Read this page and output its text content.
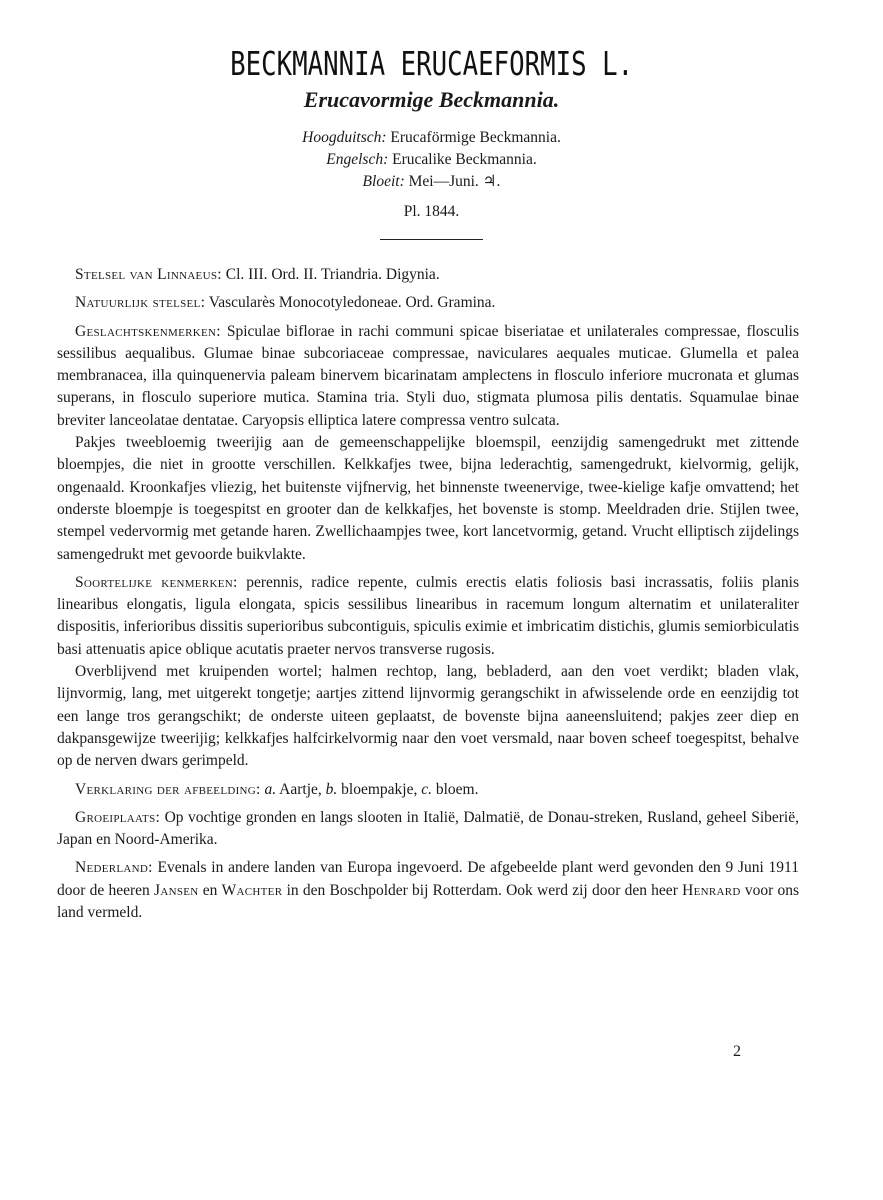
BECKMANNIA ERUCAEFORMIS L.
Erucavormige Beckmannia.
Hoogduitsch: Erucaförmige Beckmannia.
Engelsch: Erucalike Beckmannia.
Bloeit: Mei—Juni. ♃.
Pl. 1844.

Stelsel van Linnaeus: Cl. III. Ord. II. Triandria. Digynia.

Natuurlijk stelsel: Vascularès Monocotyledoneae. Ord. Gramina.

Geslachtskenmerken: Spiculae biflorae in rachi communi spicae biseriatae et unilaterales compressae, flosculis sessilibus aequalibus. Glumae binae subcoriaceae compressae, naviculares aequales muticae. Glumella et palea membranacea, illa quinquenervia paleam binervem bicarinatam amplectens in flosculo inferiore mucronata et glumas superans, in flosculo superiore mutica. Stamina tria. Styli duo, stigmata plumosa pilis dentatis. Squamulae binae breviter lanceolatae dentatae. Caryopsis elliptica latere compressa ventro sulcata.

Pakjes tweebloemig tweerijig aan de gemeenschappelijke bloemspil, eenzijdig samengedrukt met zittende bloempjes, die niet in grootte verschillen. Kelkkafjes twee, bijna lederachtig, samengedrukt, kielvormig, gelijk, ongenaald. Kroonkafjes vliezig, het buitenste vijfnervig, het binnenste tweenervige, twee-kielige kafje omvattend; het onderste bloempje is toegespitst en grooter dan de kelkkafjes, het bovenste is stomp. Meeldraden drie. Stijlen twee, stempel vedervormig met getande haren. Zwellichaampjes twee, kort lancetvormig, getand. Vrucht elliptisch zijdelings samengedrukt met gevoorde buikvlakte.

Soortelijke kenmerken: perennis, radice repente, culmis erectis elatis foliosis basi incrassatis, foliis planis linearibus elongatis, ligula elongata, spicis sessilibus linearibus in racemum longum alternatim et unilateraliter dispositis, inferioribus dissitis superioribus subcontiguis, spiculis eximie et imbricatim distichis, glumis semiorbiculatis basi attenuatis apice oblique acutatis praeter nervos transverse rugosis.

Overblijvend met kruipenden wortel; halmen rechtop, lang, bebladerd, aan den voet verdikt; bladen vlak, lijnvormig, lang, met uitgerekt tongetje; aartjes zittend lijnvormig gerangschikt in afwisselende orde en eenzijdig tot een lange tros gerangschikt; de onderste uiteen geplaatst, de bovenste bijna aaneensluitend; pakjes zeer diep en dakpansgewijze tweerijig; kelkkafjes halfcirkelvormig naar den voet versmald, naar boven scheef toegespitst, behalve op de nerven dwars gerimpeld.

Verklaring der afbeelding: a. Aartje, b. bloempakje, c. bloem.

Groeiplaats: Op vochtige gronden en langs slooten in Italië, Dalmatië, de Donau-streken, Rusland, geheel Siberië, Japan en Noord-Amerika.

Nederland: Evenals in andere landen van Europa ingevoerd. De afgebeelde plant werd gevonden den 9 Juni 1911 door de heeren Jansen en Wachter in den Boschpolder bij Rotterdam. Ook werd zij door den heer Henrard voor ons land vermeld.

2
